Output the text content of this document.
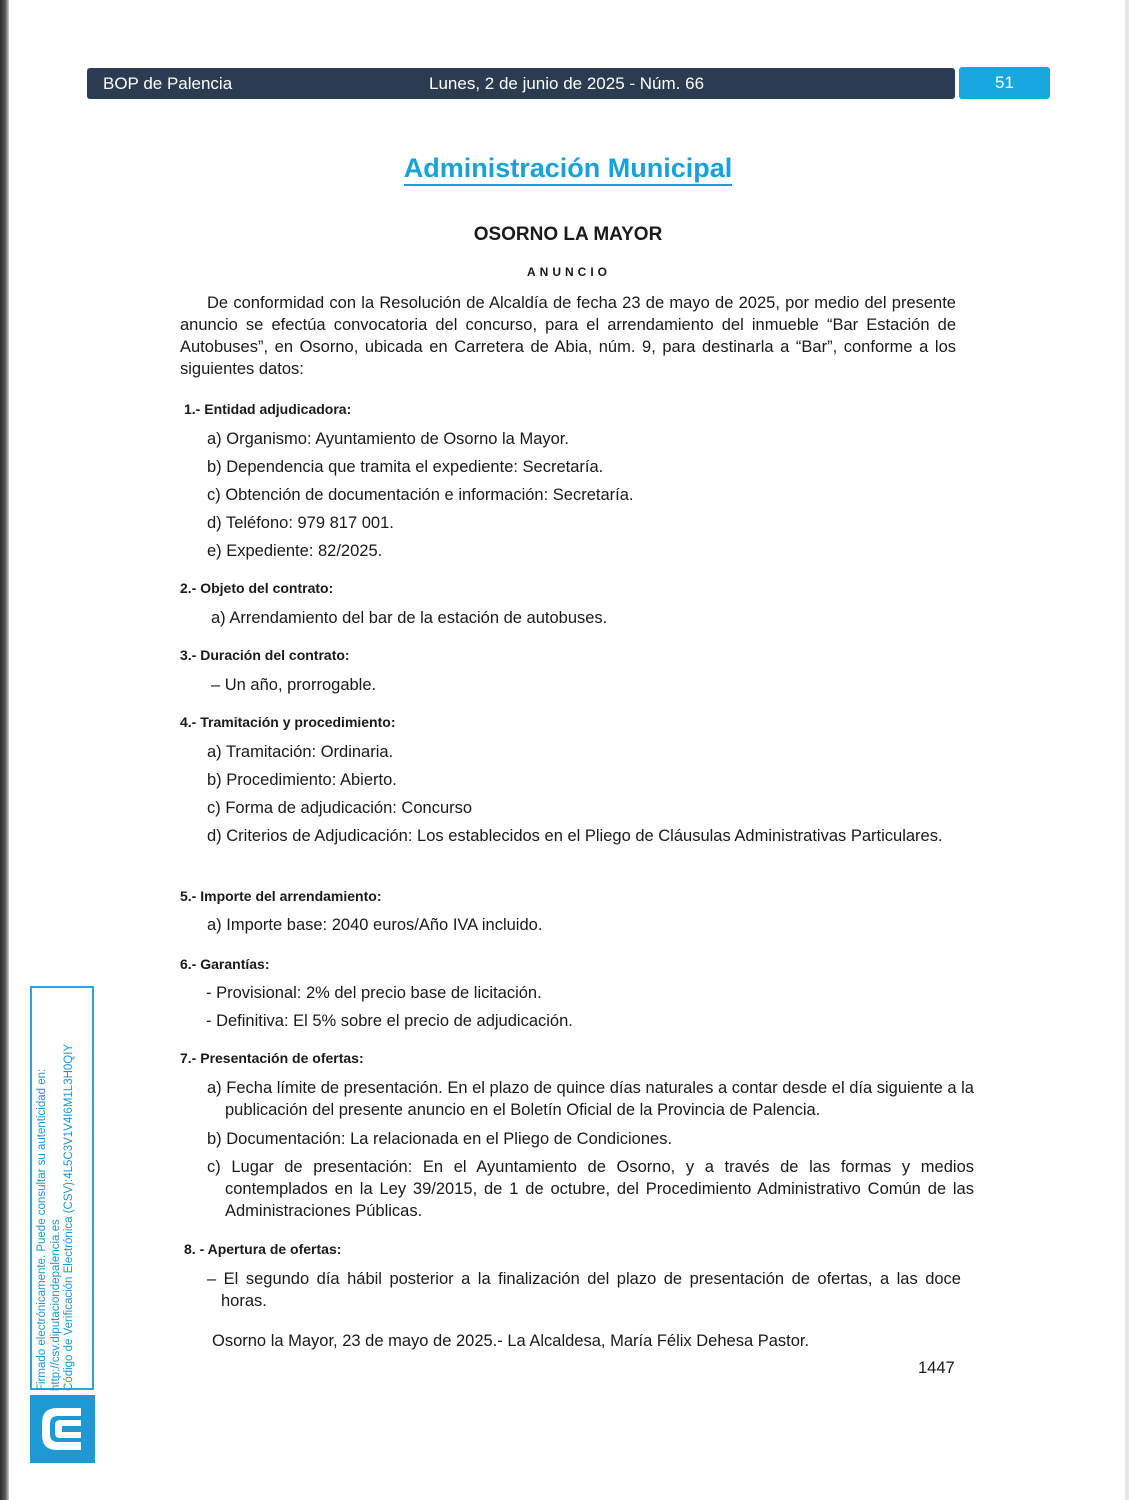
BOP de Palencia	Lunes, 2 de junio de 2025 - Núm. 66	51
Administración Municipal
OSORNO LA MAYOR
ANUNCIO
De conformidad con la Resolución de Alcaldía de fecha 23 de mayo de 2025, por medio del presente anuncio se efectúa convocatoria del concurso, para el arrendamiento del inmueble “Bar Estación de Autobuses”, en Osorno, ubicada en Carretera de Abia, núm. 9, para destinarla a “Bar”, conforme a los siguientes datos:
1.- Entidad adjudicadora:
a) Organismo: Ayuntamiento de Osorno la Mayor.
b) Dependencia que tramita el expediente: Secretaría.
c) Obtención de documentación e información: Secretaría.
d) Teléfono: 979 817 001.
e) Expediente: 82/2025.
2.- Objeto del contrato:
a) Arrendamiento del bar de la estación de autobuses.
3.- Duración del contrato:
– Un año, prorrogable.
4.- Tramitación y procedimiento:
a) Tramitación: Ordinaria.
b) Procedimiento: Abierto.
c) Forma de adjudicación: Concurso
d) Criterios de Adjudicación: Los establecidos en el Pliego de Cláusulas Administrativas Particulares.
5.- Importe del arrendamiento:
a) Importe base: 2040 euros/Año IVA incluido.
6.- Garantías:
- Provisional: 2% del precio base de licitación.
- Definitiva: El 5% sobre el precio de adjudicación.
7.- Presentación de ofertas:
a) Fecha límite de presentación. En el plazo de quince días naturales a contar desde el día siguiente a la publicación del presente anuncio en el Boletín Oficial de la Provincia de Palencia.
b) Documentación: La relacionada en el Pliego de Condiciones.
c) Lugar de presentación: En el Ayuntamiento de Osorno, y a través de las formas y medios contemplados en la Ley 39/2015, de 1 de octubre, del Procedimiento Administrativo Común de las Administraciones Públicas.
8. - Apertura de ofertas:
– El segundo día hábil posterior a la finalización del plazo de presentación de ofertas, a las doce horas.
Osorno la Mayor, 23 de mayo de 2025.- La Alcaldesa, María Félix Dehesa Pastor.
1447
Firmado electrónicamente. Puede consultar su autenticidad en: http://csv.diputaciondepalencia.es Código de Verificación Electrónica (CSV):4L5C3V1V4I6M1L3H0QIY
